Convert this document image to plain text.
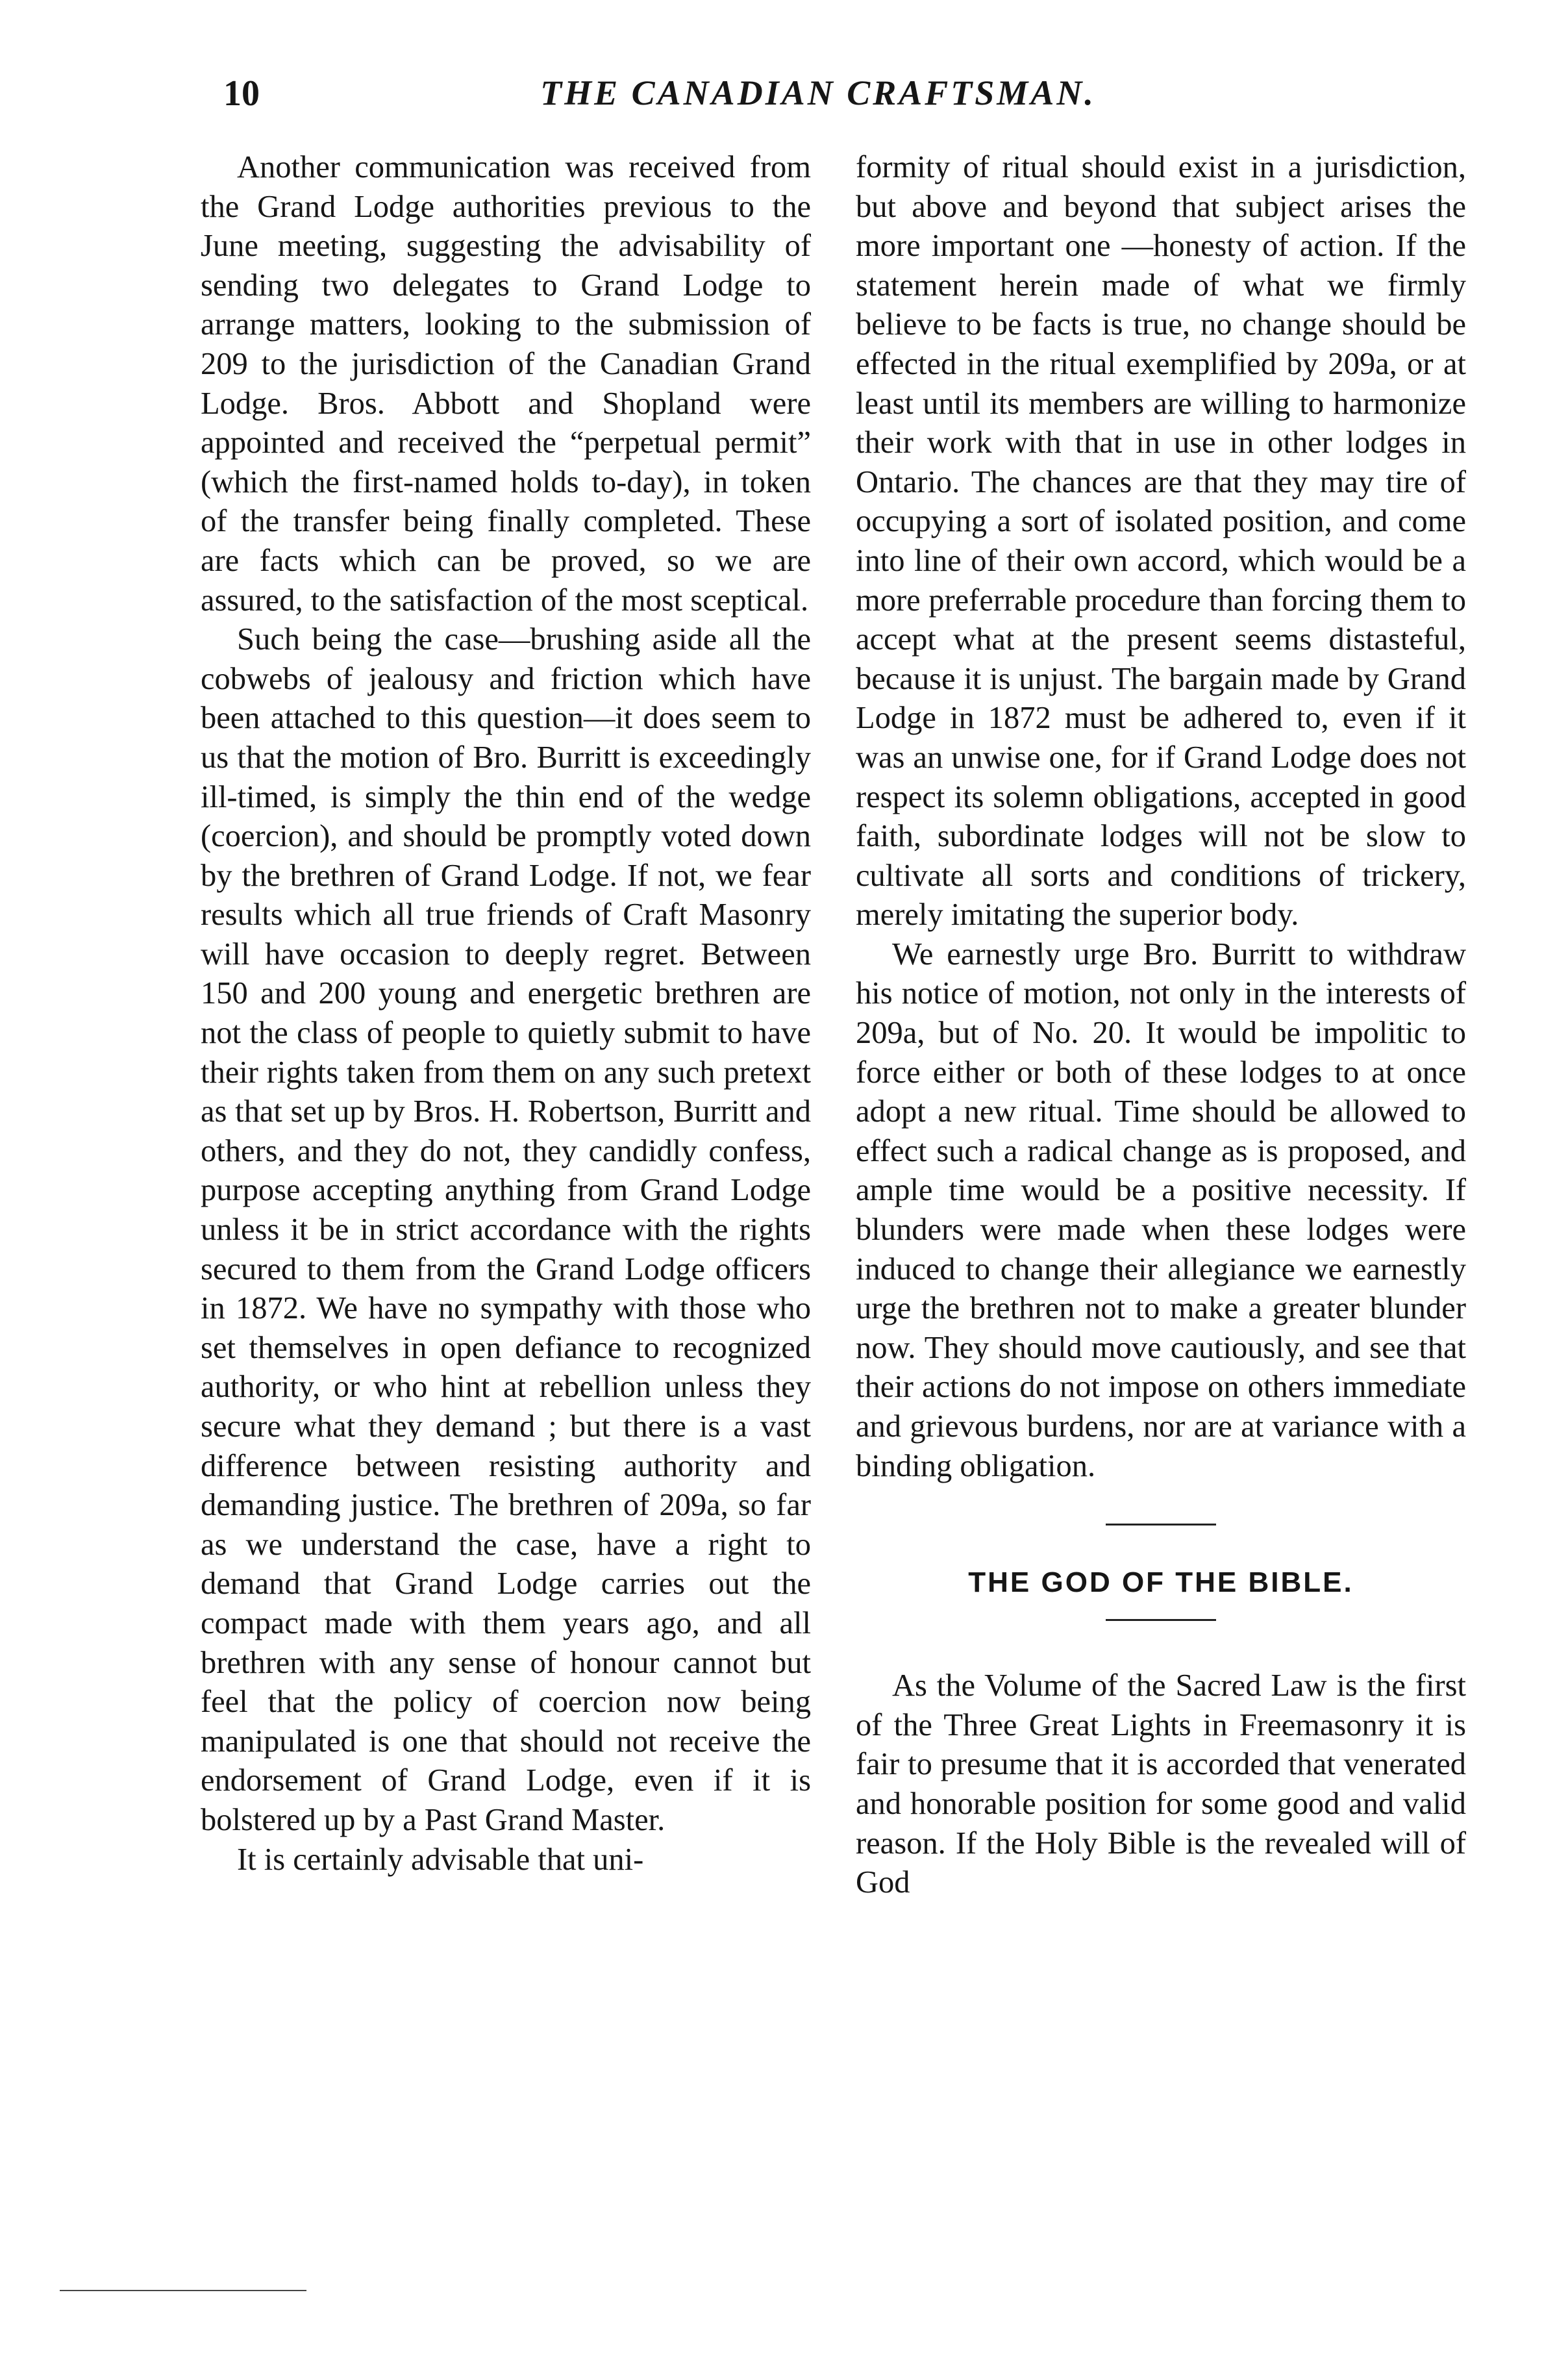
10	THE CANADIAN CRAFTSMAN.

Another communication was received from the Grand Lodge authorities previous to the June meeting, suggesting the advisability of sending two delegates to Grand Lodge to arrange matters, looking to the submission of 209 to the jurisdiction of the Canadian Grand Lodge. Bros. Abbott and Shopland were appointed and received the “perpetual permit” (which the first-named holds to-day), in token of the transfer being finally completed. These are facts which can be proved, so we are assured, to the satisfaction of the most sceptical.

Such being the case—brushing aside all the cobwebs of jealousy and friction which have been attached to this question—it does seem to us that the motion of Bro. Burritt is exceedingly ill-timed, is simply the thin end of the wedge (coercion), and should be promptly voted down by the brethren of Grand Lodge. If not, we fear results which all true friends of Craft Masonry will have occasion to deeply regret. Between 150 and 200 young and energetic brethren are not the class of people to quietly submit to have their rights taken from them on any such pretext as that set up by Bros. H. Robertson, Burritt and others, and they do not, they candidly confess, purpose accepting anything from Grand Lodge unless it be in strict accordance with the rights secured to them from the Grand Lodge officers in 1872. We have no sympathy with those who set themselves in open defiance to recognized authority, or who hint at rebellion unless they secure what they demand ; but there is a vast difference between resisting authority and demanding justice. The brethren of 209a, so far as we understand the case, have a right to demand that Grand Lodge carries out the compact made with them years ago, and all brethren with any sense of honour cannot but feel that the policy of coercion now being manipulated is one that should not receive the endorsement of Grand Lodge, even if it is bolstered up by a Past Grand Master.

It is certainly advisable that uni-

formity of ritual should exist in a jurisdiction, but above and beyond that subject arises the more important one —honesty of action. If the statement herein made of what we firmly believe to be facts is true, no change should be effected in the ritual exemplified by 209a, or at least until its members are willing to harmonize their work with that in use in other lodges in Ontario. The chances are that they may tire of occupying a sort of isolated position, and come into line of their own accord, which would be a more preferrable procedure than forcing them to accept what at the present seems distasteful, because it is unjust. The bargain made by Grand Lodge in 1872 must be adhered to, even if it was an unwise one, for if Grand Lodge does not respect its solemn obligations, accepted in good faith, subordinate lodges will not be slow to cultivate all sorts and conditions of trickery, merely imitating the superior body.

We earnestly urge Bro. Burritt to withdraw his notice of motion, not only in the interests of 209a, but of No. 20. It would be impolitic to force either or both of these lodges to at once adopt a new ritual. Time should be allowed to effect such a radical change as is proposed, and ample time would be a positive necessity. If blunders were made when these lodges were induced to change their allegiance we earnestly urge the brethren not to make a greater blunder now. They should move cautiously, and see that their actions do not impose on others immediate and grievous burdens, nor are at variance with a binding obligation.

THE GOD OF THE BIBLE.

As the Volume of the Sacred Law is the first of the Three Great Lights in Freemasonry it is fair to presume that it is accorded that venerated and honorable position for some good and valid reason. If the Holy Bible is the revealed will of God
